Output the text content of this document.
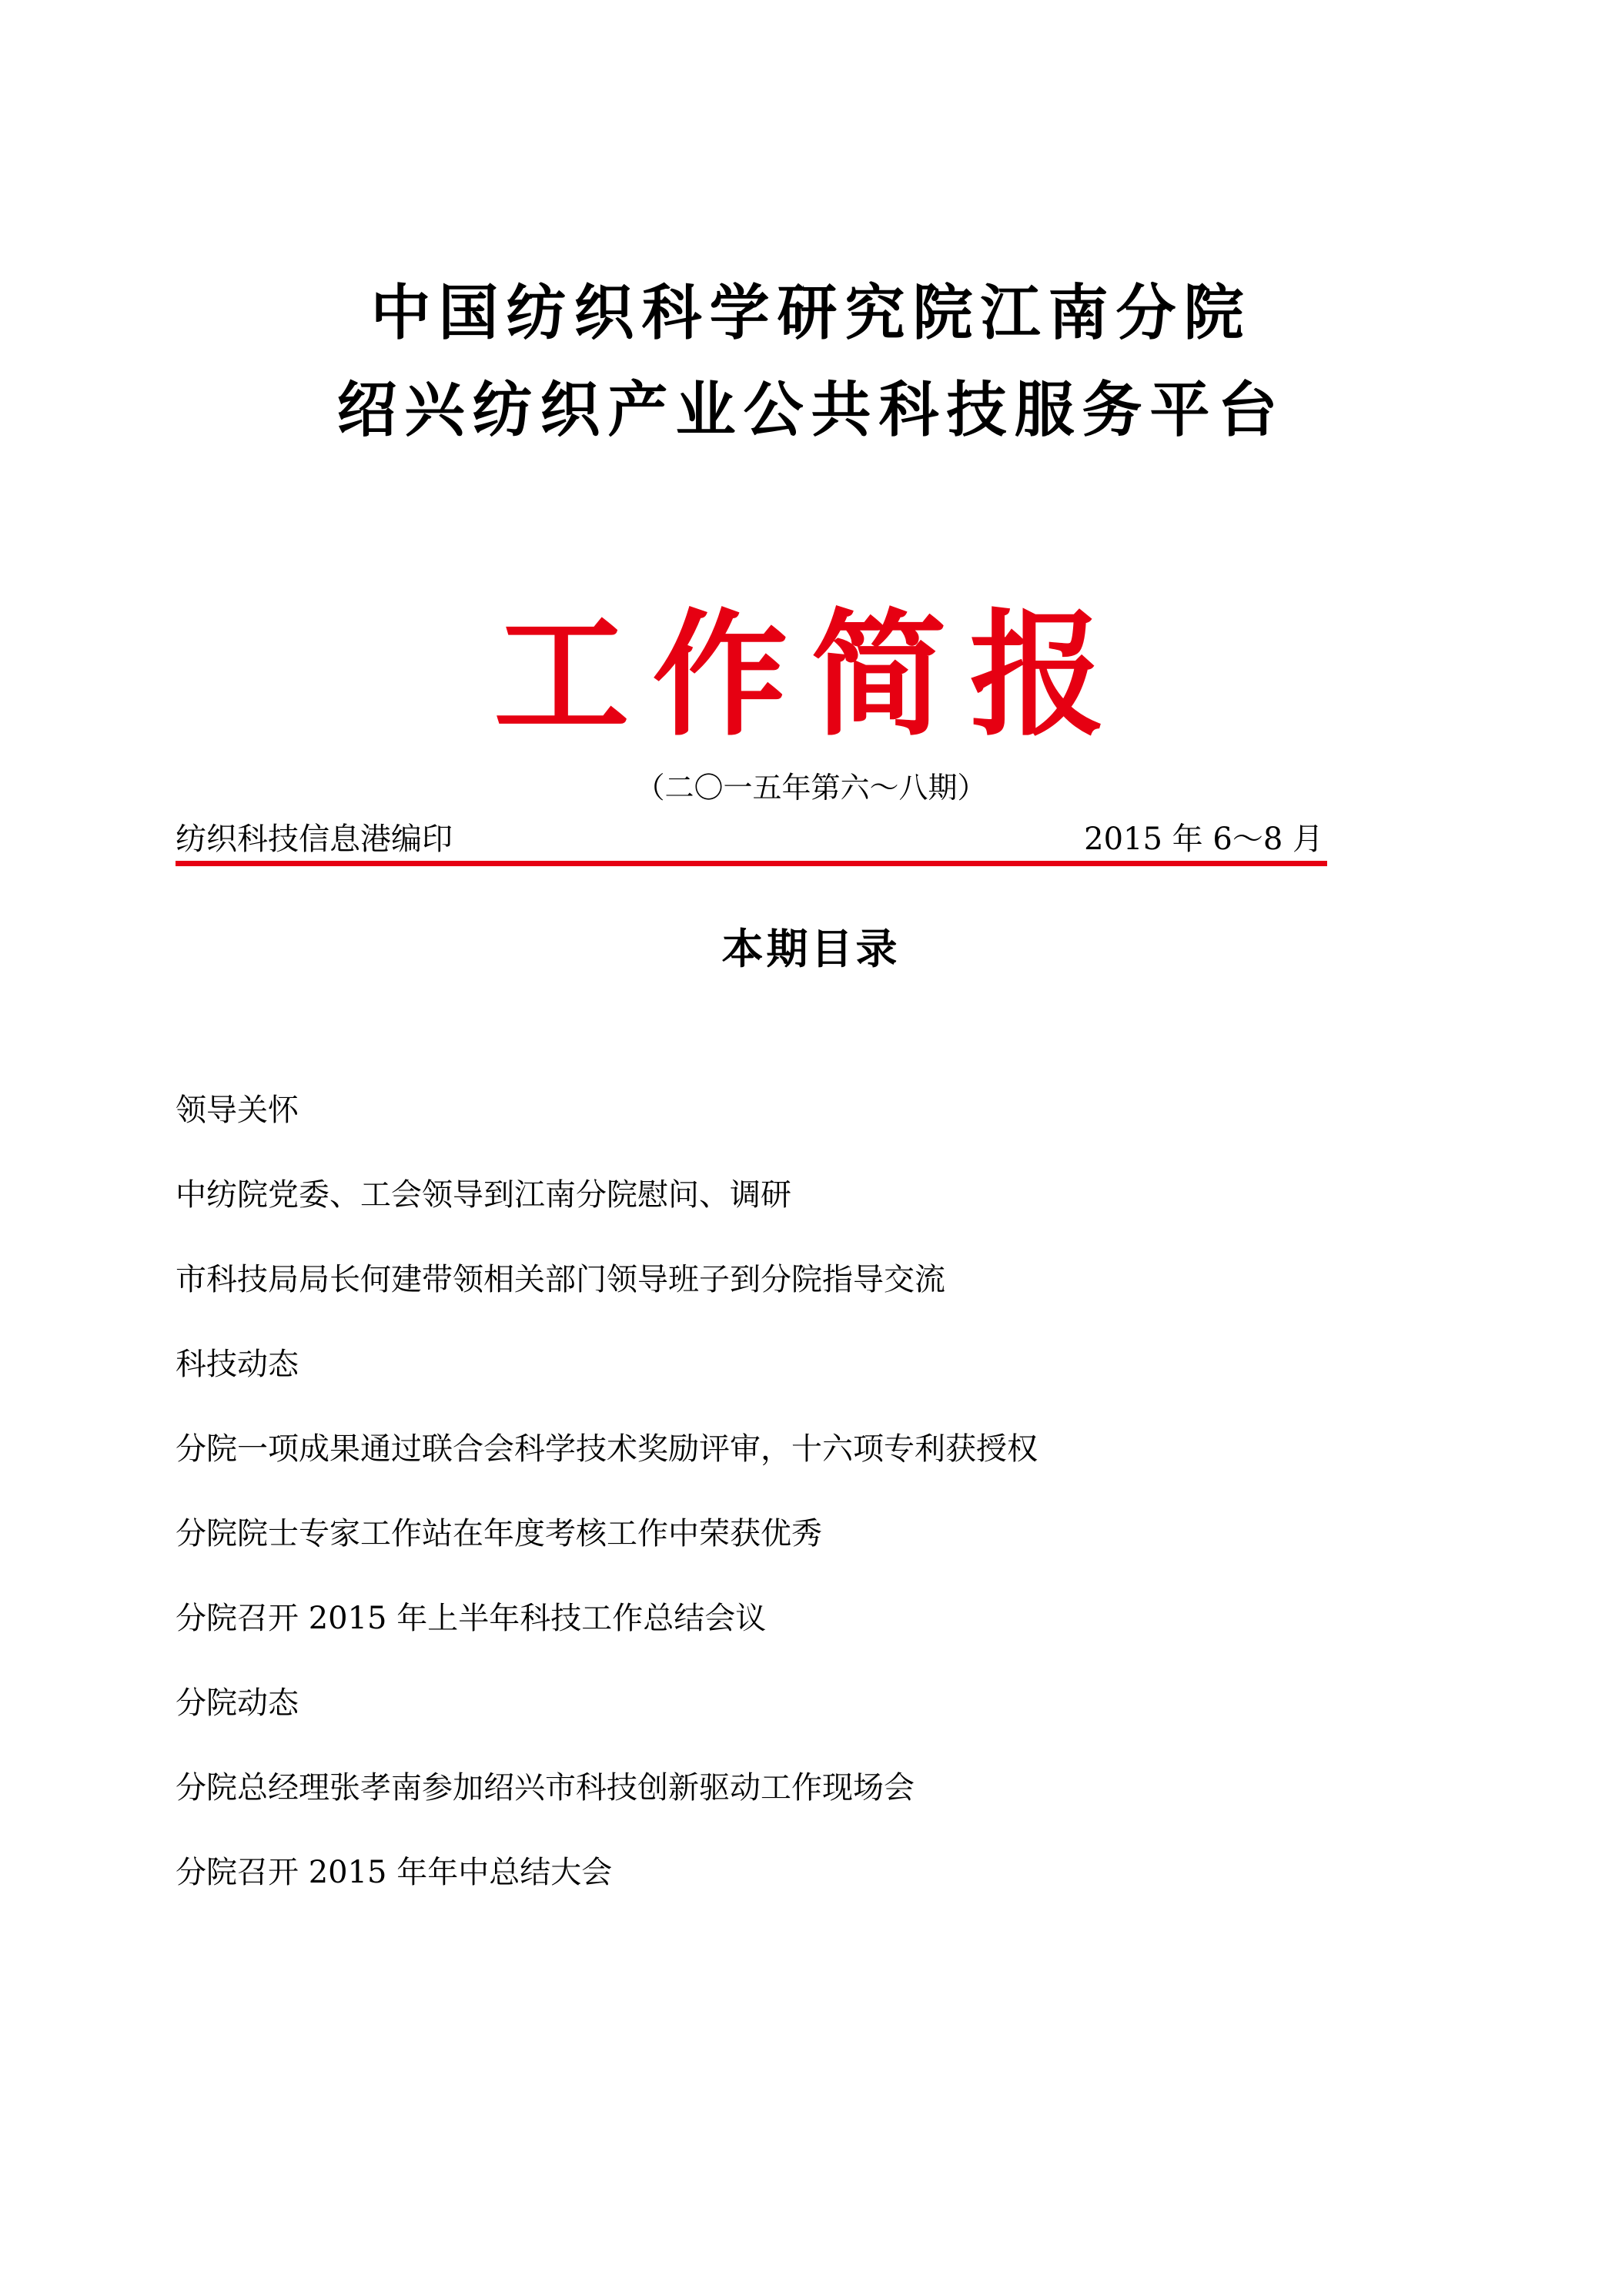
中国纺织科学研究院江南分院
绍兴纺织产业公共科技服务平台
工作简报
（二〇一五年第六～八期）
纺织科技信息港编印	2015 年 6～8 月
本期目录
领导关怀
中纺院党委、工会领导到江南分院慰问、调研
市科技局局长何建带领相关部门领导班子到分院指导交流
科技动态
分院一项成果通过联合会科学技术奖励评审，十六项专利获授权
分院院士专家工作站在年度考核工作中荣获优秀
分院召开 2015 年上半年科技工作总结会议
分院动态
分院总经理张孝南参加绍兴市科技创新驱动工作现场会
分院召开 2015 年年中总结大会
